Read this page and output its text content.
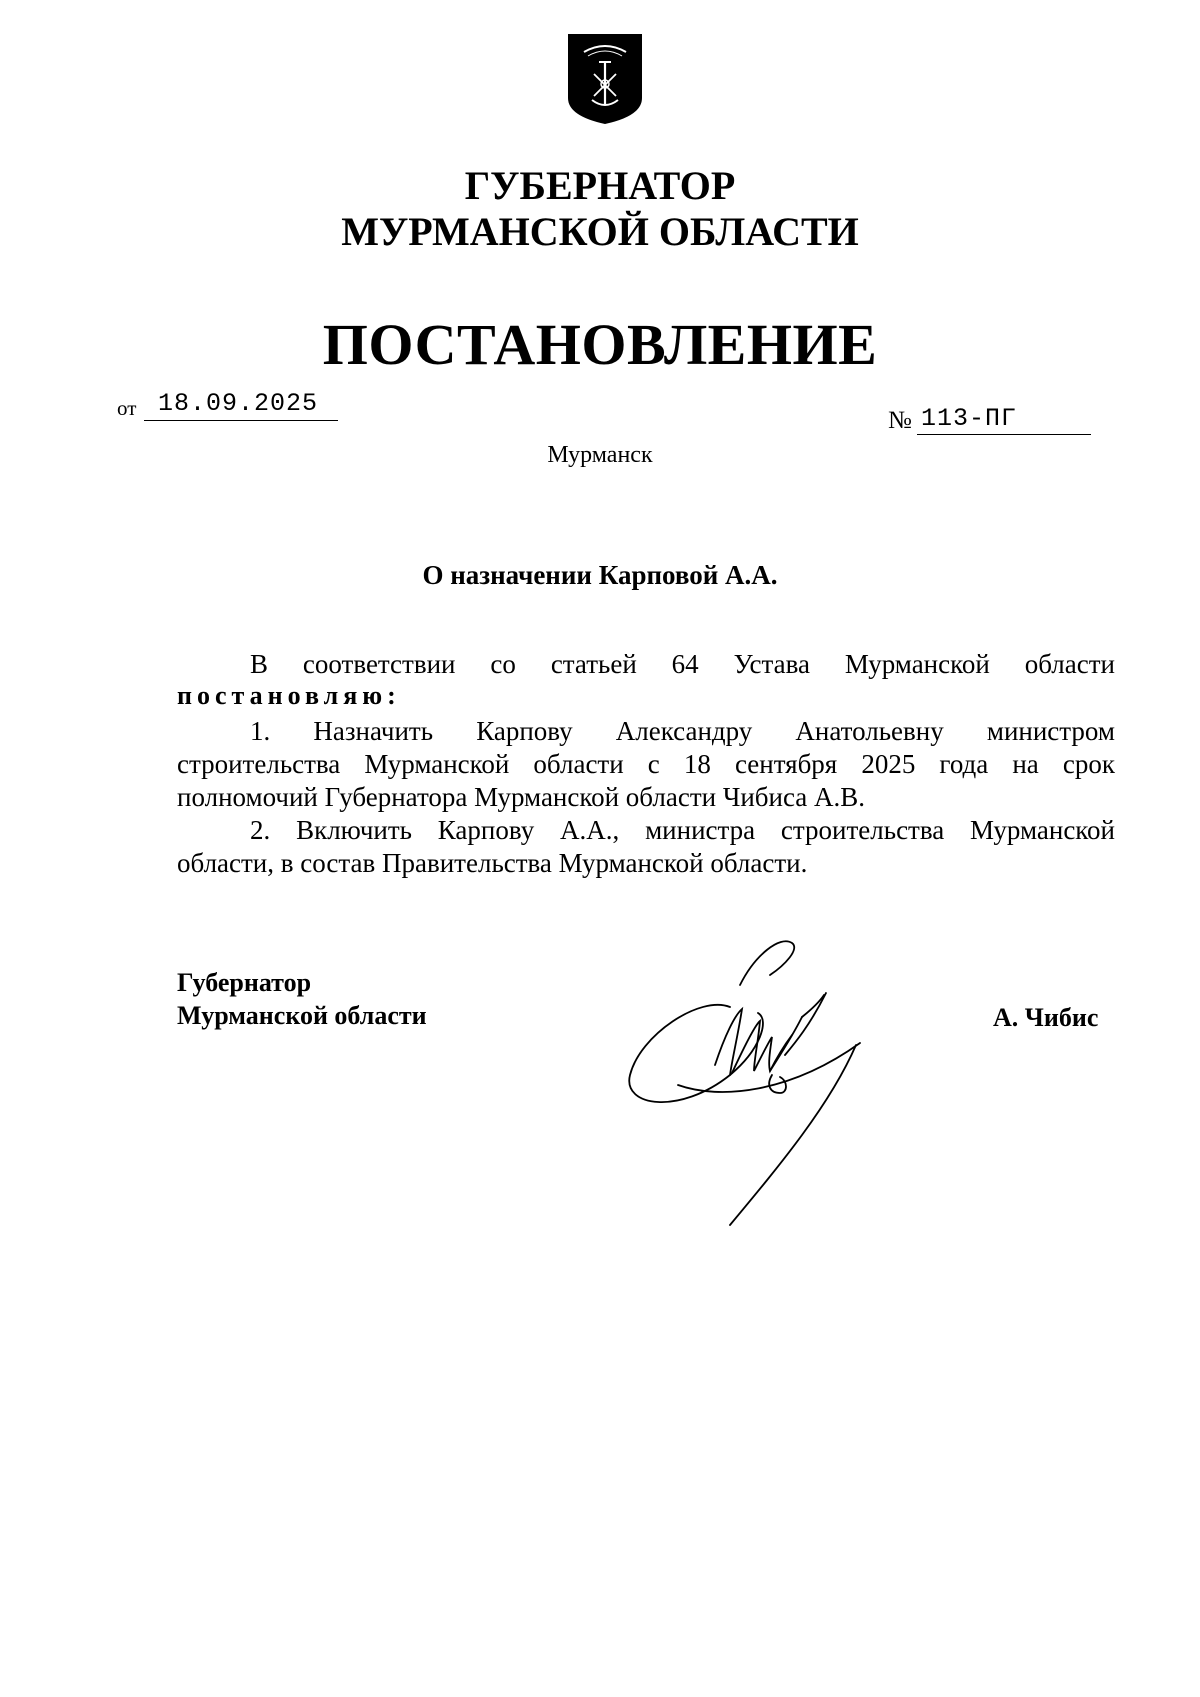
ГУБЕРНАТОР
МУРМАНСКОЙ ОБЛАСТИ
ПОСТАНОВЛЕНИЕ
от 18.09.2025
№ 113-ПГ
Мурманск
О назначении Карповой А.А.
В соответствии со статьей 64 Устава Мурманской области
постановляю:
1. Назначить Карпову Александру Анатольевну министром
строительства Мурманской области с 18 сентября 2025 года на срок
полномочий Губернатора Мурманской области Чибиса А.В.
2. Включить Карпову А.А., министра строительства Мурманской
области, в состав Правительства Мурманской области.
Губернатор
Мурманской области	А. Чибис
